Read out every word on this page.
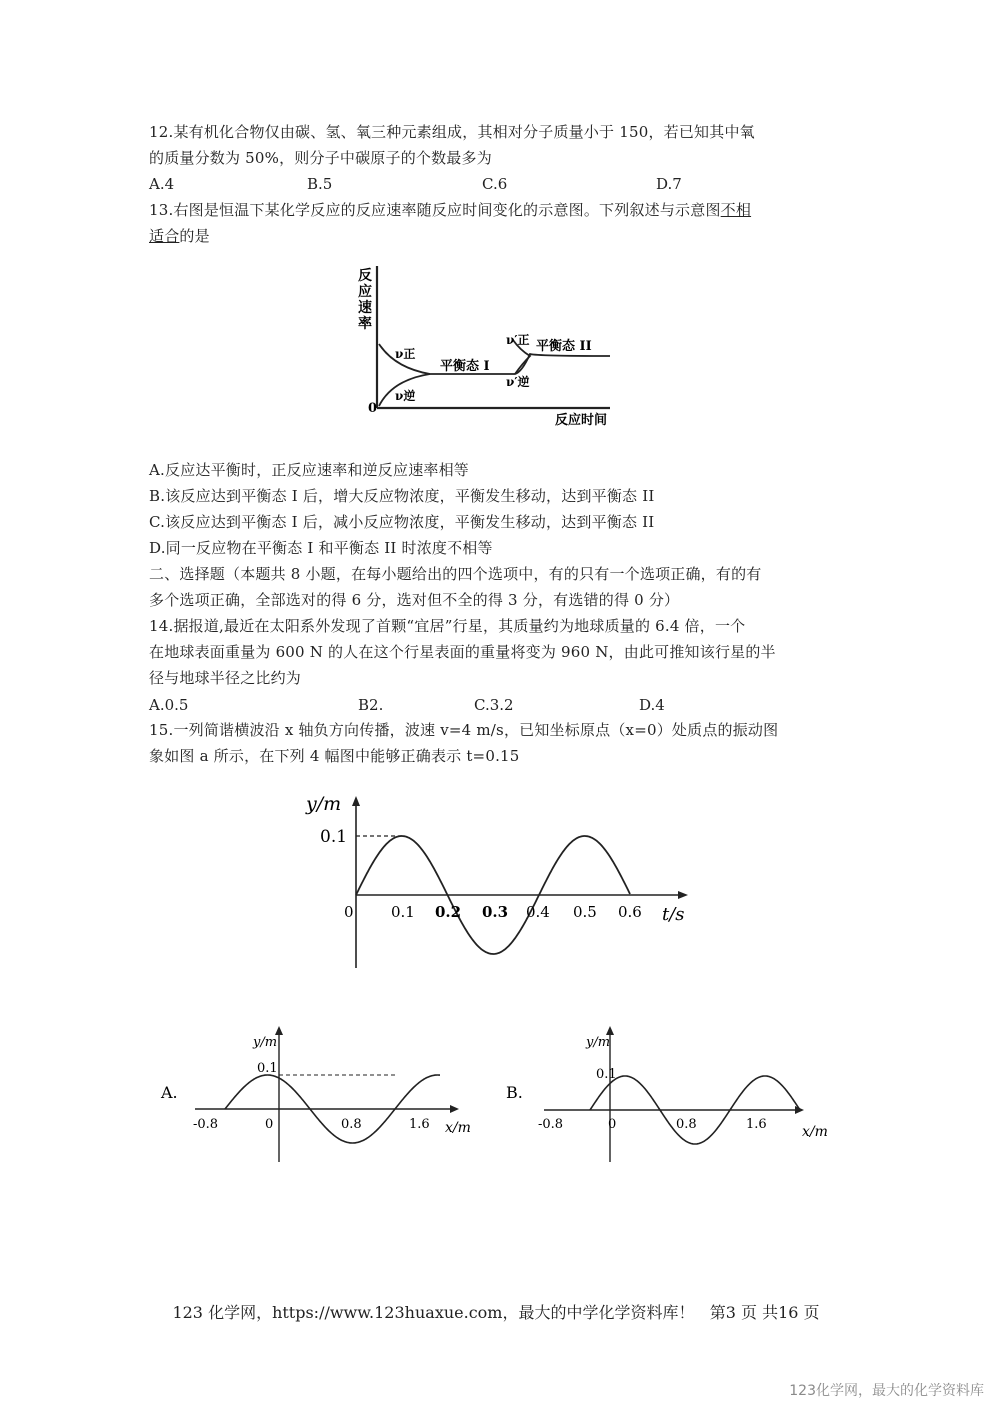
12.某有机化合物仅由碳、氢、氧三种元素组成，其相对分子质量小于 150，若已知其中氧
的质量分数为 50%，则分子中碳原子的个数最多为
A.4	B.5	C.6	D.7
13.右图是恒温下某化学反应的反应速率随反应时间变化的示意图。下列叙述与示意图不相
适合的是
反
应
速
率
0
ν正
ν逆
平衡态 I
ν′正
ν′逆
平衡态 II
反应时间
A.反应达平衡时，正反应速率和逆反应速率相等
B.该反应达到平衡态 I 后，增大反应物浓度，平衡发生移动，达到平衡态 II
C.该反应达到平衡态 I 后，减小反应物浓度，平衡发生移动，达到平衡态 II
D.同一反应物在平衡态 I 和平衡态 II 时浓度不相等
二、选择题（本题共 8 小题，在每小题给出的四个选项中，有的只有一个选项正确，有的有
多个选项正确，全部选对的得 6 分，选对但不全的得 3 分，有选错的得 0 分）
14.据报道,最近在太阳系外发现了首颗“宜居”行星，其质量约为地球质量的 6.4 倍，一个
在地球表面重量为 600 N 的人在这个行星表面的重量将变为 960 N，由此可推知该行星的半
径与地球半径之比约为
A.0.5	B2.	C.3.2	D.4
15.一列简谐横波沿 x 轴负方向传播，波速 v=4 m/s，已知坐标原点（x=0）处质点的振动图
象如图 a 所示，在下列 4 幅图中能够正确表示 t=0.15
y/m
0.1
0 0.1 0.2 0.3 0.4 0.5 0.6 t/s
A.
y/m
0.1
-0.8	0	0.8	1.6 x/m
B.
y/m
0.1
-0.8	0	0.8	1.6	x/m
123 化学网，https://www.123huaxue.com，最大的中学化学资料库！ 第3 页 共16 页
123化学网，最大的化学资料库
